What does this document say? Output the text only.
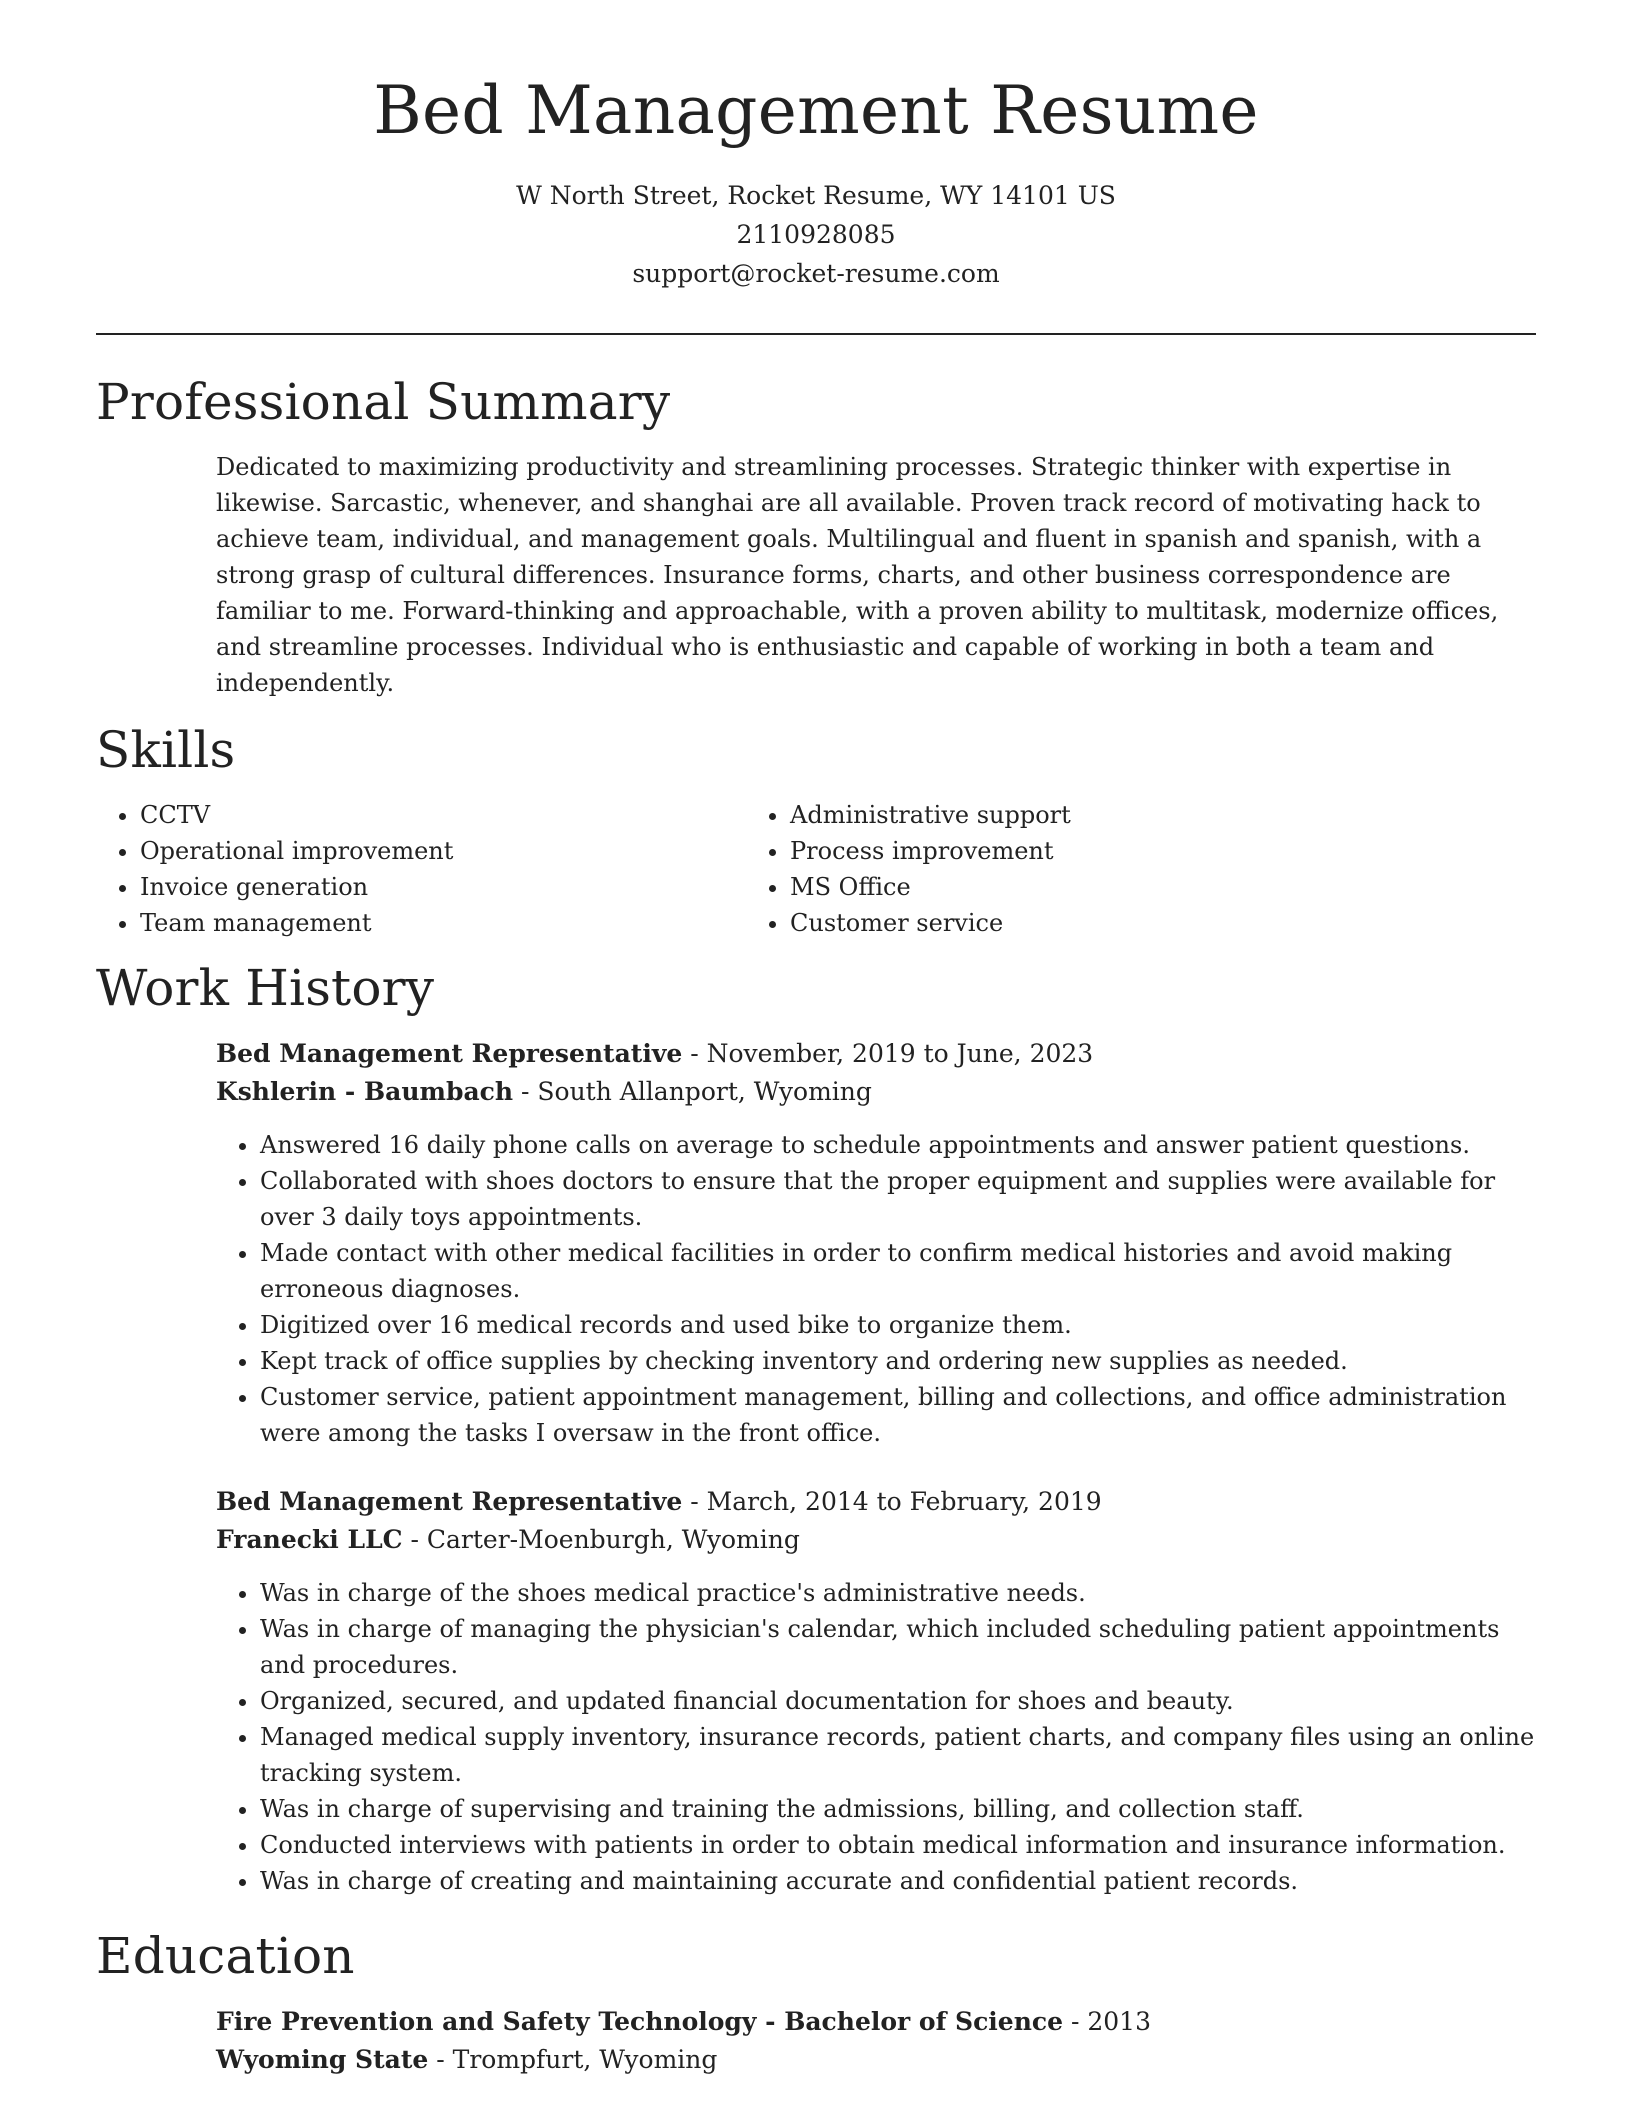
Bed Management Resume
W North Street, Rocket Resume, WY 14101 US
2110928085
support@rocket-resume.com
Professional Summary

Dedicated to maximizing productivity and streamlining processes. Strategic thinker with expertise in likewise. Sarcastic, whenever, and shanghai are all available. Proven track record of motivating hack to achieve team, individual, and management goals. Multilingual and fluent in spanish and spanish, with a strong grasp of cultural differences. Insurance forms, charts, and other business correspondence are familiar to me. Forward-thinking and approachable, with a proven ability to multitask, modernize offices, and streamline processes. Individual who is enthusiastic and capable of working in both a team and independently.

Skills
• CCTV
• Operational improvement
• Invoice generation
• Team management
• Administrative support
• Process improvement
• MS Office
• Customer service
Work History
Bed Management Representative - November, 2019 to June, 2023
Kshlerin - Baumbach - South Allanport, Wyoming
• Answered 16 daily phone calls on average to schedule appointments and answer patient questions.
• Collaborated with shoes doctors to ensure that the proper equipment and supplies were available for over 3 daily toys appointments.
• Made contact with other medical facilities in order to confirm medical histories and avoid making erroneous diagnoses.
• Digitized over 16 medical records and used bike to organize them.
• Kept track of office supplies by checking inventory and ordering new supplies as needed.
• Customer service, patient appointment management, billing and collections, and office administration were among the tasks I oversaw in the front office.
Bed Management Representative - March, 2014 to February, 2019
Franecki LLC - Carter-Moenburgh, Wyoming
• Was in charge of the shoes medical practice's administrative needs.
• Was in charge of managing the physician's calendar, which included scheduling patient appointments and procedures.
• Organized, secured, and updated financial documentation for shoes and beauty.
• Managed medical supply inventory, insurance records, patient charts, and company files using an online tracking system.
• Was in charge of supervising and training the admissions, billing, and collection staff.
• Conducted interviews with patients in order to obtain medical information and insurance information.
• Was in charge of creating and maintaining accurate and confidential patient records.
Education
Fire Prevention and Safety Technology - Bachelor of Science - 2013
Wyoming State - Trompfurt, Wyoming
